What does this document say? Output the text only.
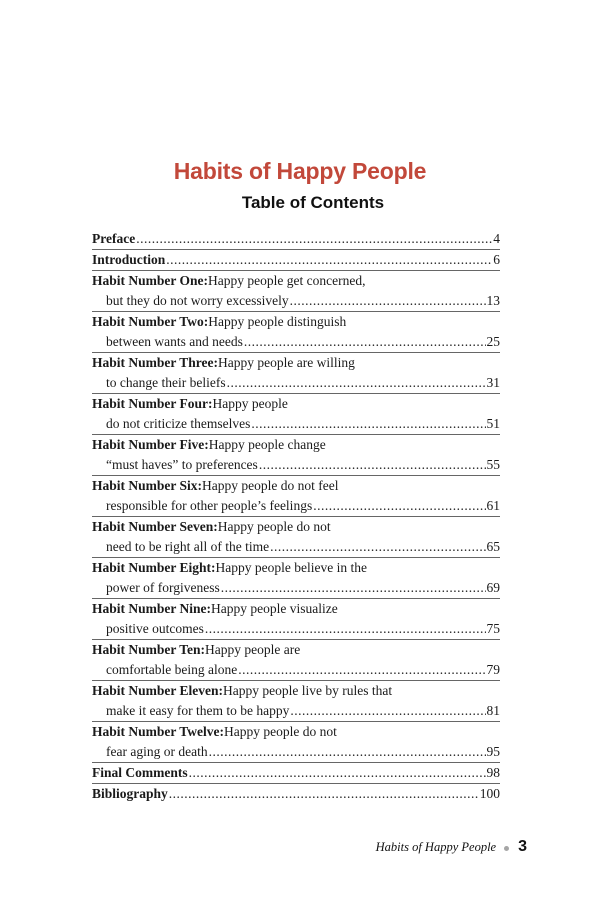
Habits of Happy People
Table of Contents
Preface .....	4
Introduction .....	6
Habit Number One: Happy people get concerned,
but they do not worry excessively .....	13
Habit Number Two: Happy people distinguish
between wants and needs .....	25
Habit Number Three: Happy people are willing
to change their beliefs .....	31
Habit Number Four: Happy people
do not criticize themselves .....	51
Habit Number Five: Happy people change
“must haves” to preferences .....	55
Habit Number Six: Happy people do not feel
responsible for other people’s feelings .....	61
Habit Number Seven: Happy people do not
need to be right all of the time .....	65
Habit Number Eight: Happy people believe in the
power of forgiveness .....	69
Habit Number Nine: Happy people visualize
positive outcomes .....	75
Habit Number Ten: Happy people are
comfortable being alone .....	79
Habit Number Eleven: Happy people live by rules that
make it easy for them to be happy .....	81
Habit Number Twelve: Happy people do not
fear aging or death .....	95
Final Comments .....	98
Bibliography .....	100
Habits of Happy People 3
